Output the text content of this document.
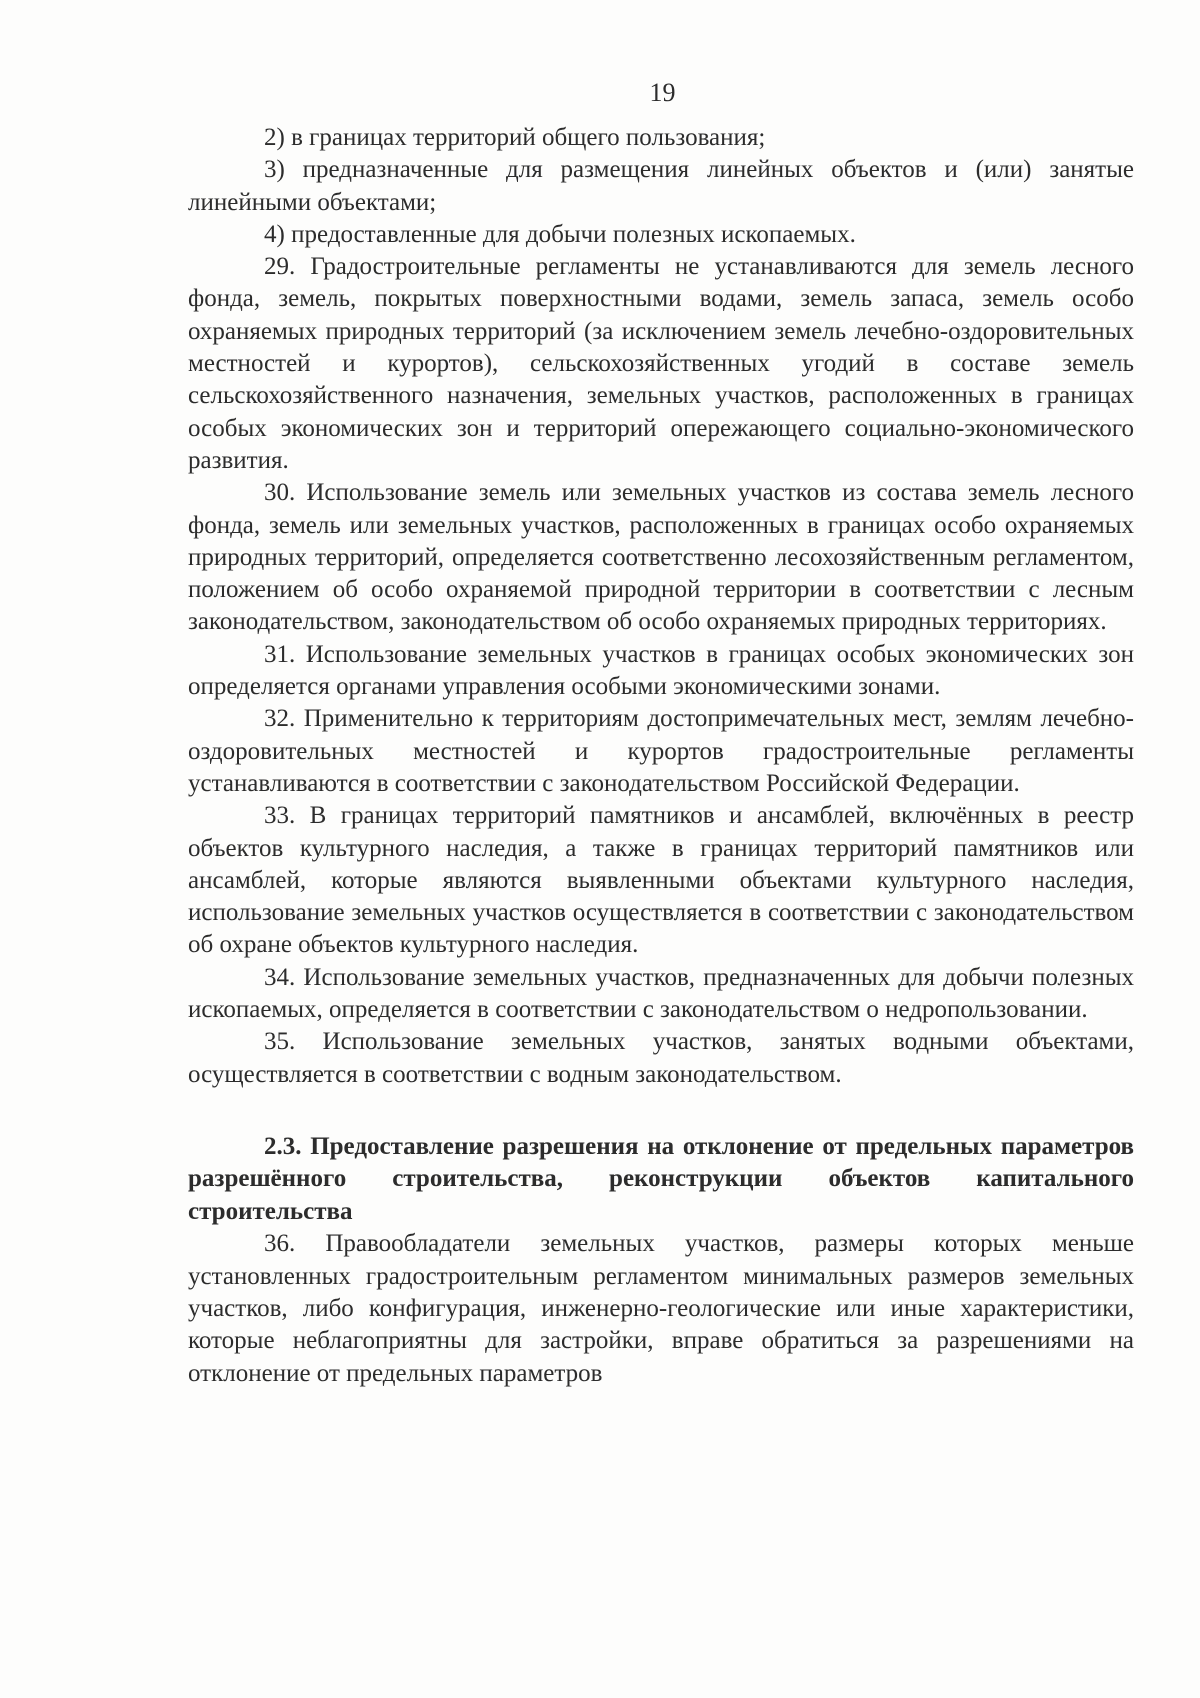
19

2) в границах территорий общего пользования;

3) предназначенные для размещения линейных объектов и (или) занятые линейными объектами;

4) предоставленные для добычи полезных ископаемых.

29. Градостроительные регламенты не устанавливаются для земель лесного фонда, земель, покрытых поверхностными водами, земель запаса, земель особо охраняемых природных территорий (за исключением земель лечебно-оздоровительных местностей и курортов), сельскохозяйственных угодий в составе земель сельскохозяйственного назначения, земельных участков, расположенных в границах особых экономических зон и территорий опережающего социально-экономического развития.

30. Использование земель или земельных участков из состава земель лесного фонда, земель или земельных участков, расположенных в границах особо охраняемых природных территорий, определяется соответственно лесохозяйственным регламентом, положением об особо охраняемой природной территории в соответствии с лесным законодательством, законодательством об особо охраняемых природных территориях.

31. Использование земельных участков в границах особых экономических зон определяется органами управления особыми экономическими зонами.

32. Применительно к территориям достопримечательных мест, землям лечебно-оздоровительных местностей и курортов градостроительные регламенты устанавливаются в соответствии с законодательством Российской Федерации.

33. В границах территорий памятников и ансамблей, включённых в реестр объектов культурного наследия, а также в границах территорий памятников или ансамблей, которые являются выявленными объектами культурного наследия, использование земельных участков осуществляется в соответствии с законодательством об охране объектов культурного наследия.

34. Использование земельных участков, предназначенных для добычи полезных ископаемых, определяется в соответствии с законодательством о недропользовании.

35. Использование земельных участков, занятых водными объектами, осуществляется в соответствии с водным законодательством.

2.3. Предоставление разрешения на отклонение от предельных параметров разрешённого строительства, реконструкции объектов капитального строительства

36. Правообладатели земельных участков, размеры которых меньше установленных градостроительным регламентом минимальных размеров земельных участков, либо конфигурация, инженерно-геологические или иные характеристики, которые неблагоприятны для застройки, вправе обратиться за разрешениями на отклонение от предельных параметров
